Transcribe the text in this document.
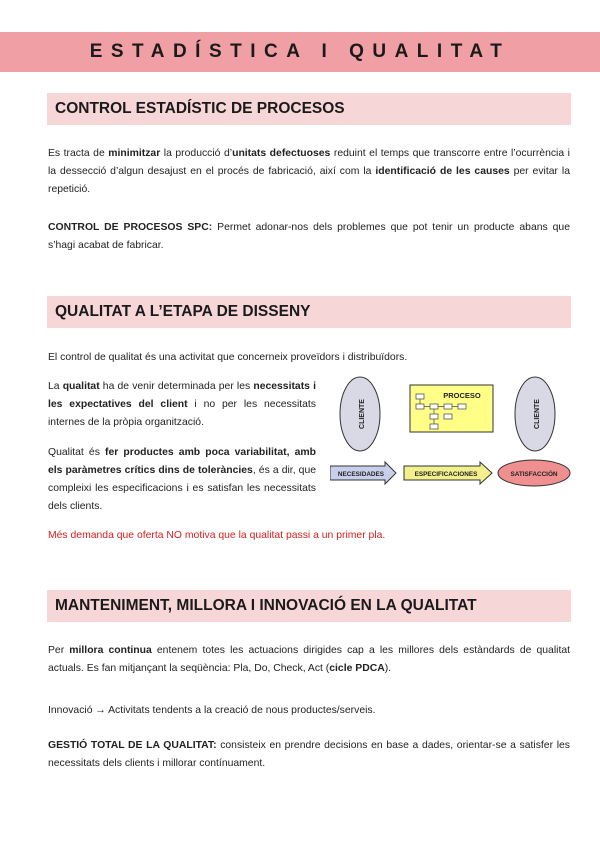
ESTADÍSTICA I QUALITAT
CONTROL ESTADÍSTIC DE PROCESOS

Es tracta de minimitzar la producció d’unitats defectuoses reduint el temps que transcorre entre l’ocurrència i la dessecció d’algun desajust en el procés de fabricació, així com la identificació de les causes per evitar la repetició.

CONTROL DE PROCESOS SPC: Permet adonar-nos dels problemes que pot tenir un producte abans que s’hagi acabat de fabricar.

QUALITAT A L’ETAPA DE DISSENY

El control de qualitat és una activitat que concerneix proveïdors i distribuïdors.

La qualitat ha de venir determinada per les necessitats i les expectatives del client i no per les necessitats internes de la pròpia organització.

Qualitat és fer productes amb poca variabilitat, amb els paràmetres crítics dins de toleràncies, és a dir, que compleixi les especificacions i es satisfan les necessitats dels clients.

Més demanda que oferta NO motiva que la qualitat passi a un primer pla.

CLIENTE	CLIENTE
PROCESO
NECESIDADES	ESPECIFICACIONES	SATISFACCIÓN
MANTENIMENT, MILLORA I INNOVACIÓ EN LA QUALITAT

Per millora continua entenem totes les actuacions dirigides cap a les millores dels estàndards de qualitat actuals. Es fan mitjançant la seqüència: Pla, Do, Check, Act (cicle PDCA).

Innovació → Activitats tendents a la creació de nous productes/serveis.

GESTIÓ TOTAL DE LA QUALITAT: consisteix en prendre decisions en base a dades, orientar-se a satisfer les necessitats dels clients i millorar contínuament.
